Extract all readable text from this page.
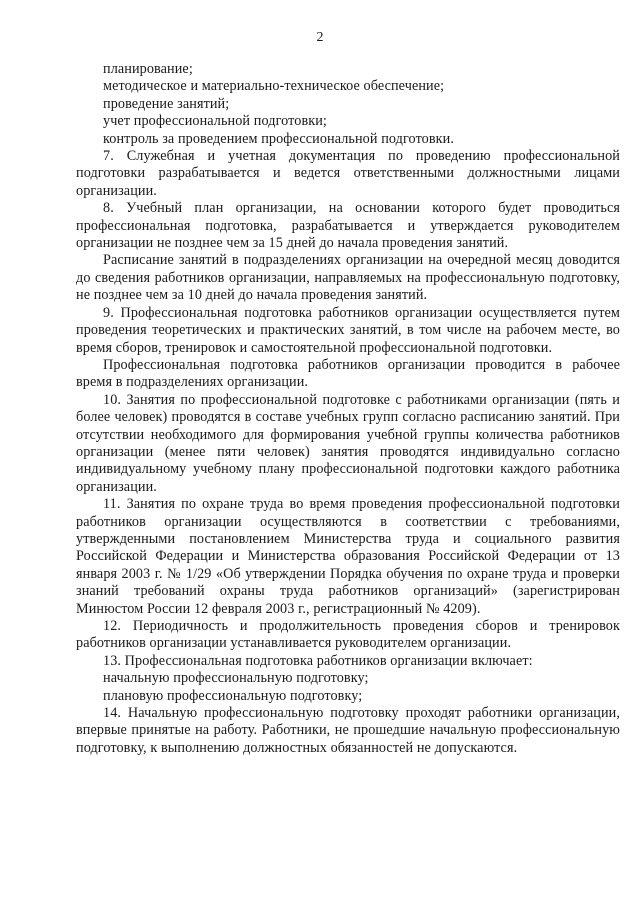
2

планирование;

методическое и материально-техническое обеспечение;

проведение занятий;

учет профессиональной подготовки;

контроль за проведением профессиональной подготовки.

7. Служебная и учетная документация по проведению профессиональной подготовки разрабатывается и ведется ответственными должностными лицами организации.

8. Учебный план организации, на основании которого будет проводиться профессиональная подготовка, разрабатывается и утверждается руководителем организации не позднее чем за 15 дней до начала проведения занятий.

Расписание занятий в подразделениях организации на очередной месяц доводится до сведения работников организации, направляемых на профессиональную подготовку, не позднее чем за 10 дней до начала проведения занятий.

9. Профессиональная подготовка работников организации осуществляется путем проведения теоретических и практических занятий, в том числе на рабочем месте, во время сборов, тренировок и самостоятельной профессиональной подготовки.

Профессиональная подготовка работников организации проводится в рабочее время в подразделениях организации.

10. Занятия по профессиональной подготовке с работниками организации (пять и более человек) проводятся в составе учебных групп согласно расписанию занятий. При отсутствии необходимого для формирования учебной группы количества работников организации (менее пяти человек) занятия проводятся индивидуально согласно индивидуальному учебному плану профессиональной подготовки каждого работника организации.

11. Занятия по охране труда во время проведения профессиональной подготовки работников организации осуществляются в соответствии с требованиями, утвержденными постановлением Министерства труда и социального развития Российской Федерации и Министерства образования Российской Федерации от 13 января 2003 г. № 1/29 «Об утверждении Порядка обучения по охране труда и проверки знаний требований охраны труда работников организаций» (зарегистрирован Минюстом России 12 февраля 2003 г., регистрационный № 4209).

12. Периодичность и продолжительность проведения сборов и тренировок работников организации устанавливается руководителем организации.

13. Профессиональная подготовка работников организации включает:

начальную профессиональную подготовку;

плановую профессиональную подготовку;

14. Начальную профессиональную подготовку проходят работники организации, впервые принятые на работу. Работники, не прошедшие начальную профессиональную подготовку, к выполнению должностных обязанностей не допускаются.
